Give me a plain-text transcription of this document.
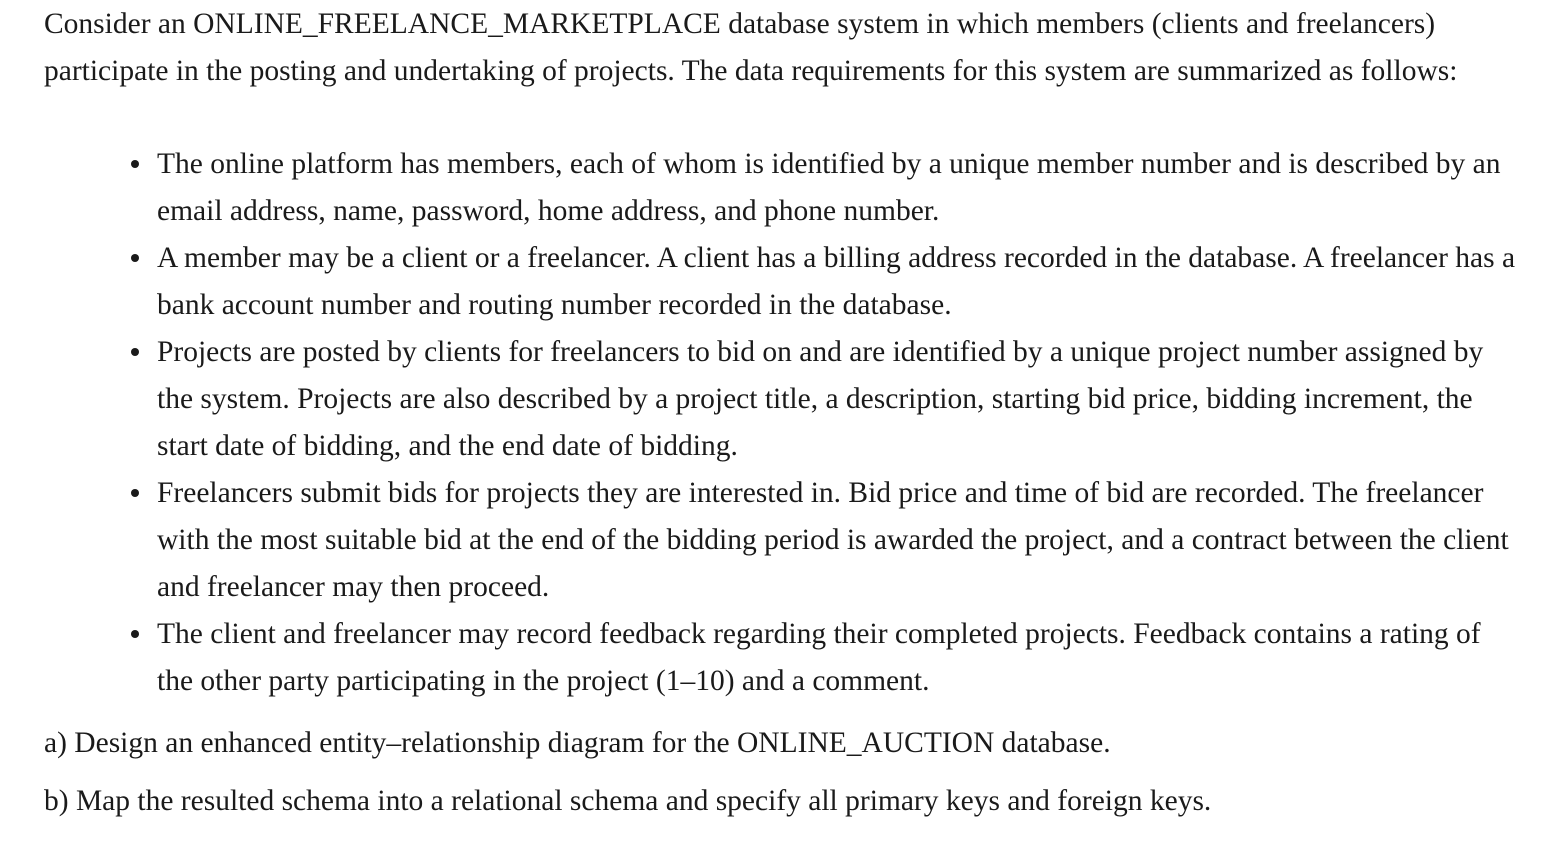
Consider an ONLINE_FREELANCE_MARKETPLACE database system in which members (clients and freelancers) participate in the posting and undertaking of projects. The data requirements for this system are summarized as follows:

The online platform has members, each of whom is identified by a unique member number and is described by an email address, name, password, home address, and phone number.
A member may be a client or a freelancer. A client has a billing address recorded in the database. A freelancer has a bank account number and routing number recorded in the database.
Projects are posted by clients for freelancers to bid on and are identified by a unique project number assigned by the system. Projects are also described by a project title, a description, starting bid price, bidding increment, the start date of bidding, and the end date of bidding.
Freelancers submit bids for projects they are interested in. Bid price and time of bid are recorded. The freelancer with the most suitable bid at the end of the bidding period is awarded the project, and a contract between the client and freelancer may then proceed.
The client and freelancer may record feedback regarding their completed projects. Feedback contains a rating of the other party participating in the project (1–10) and a comment.

a) Design an enhanced entity–relationship diagram for the ONLINE_AUCTION database.

b) Map the resulted schema into a relational schema and specify all primary keys and foreign keys.
